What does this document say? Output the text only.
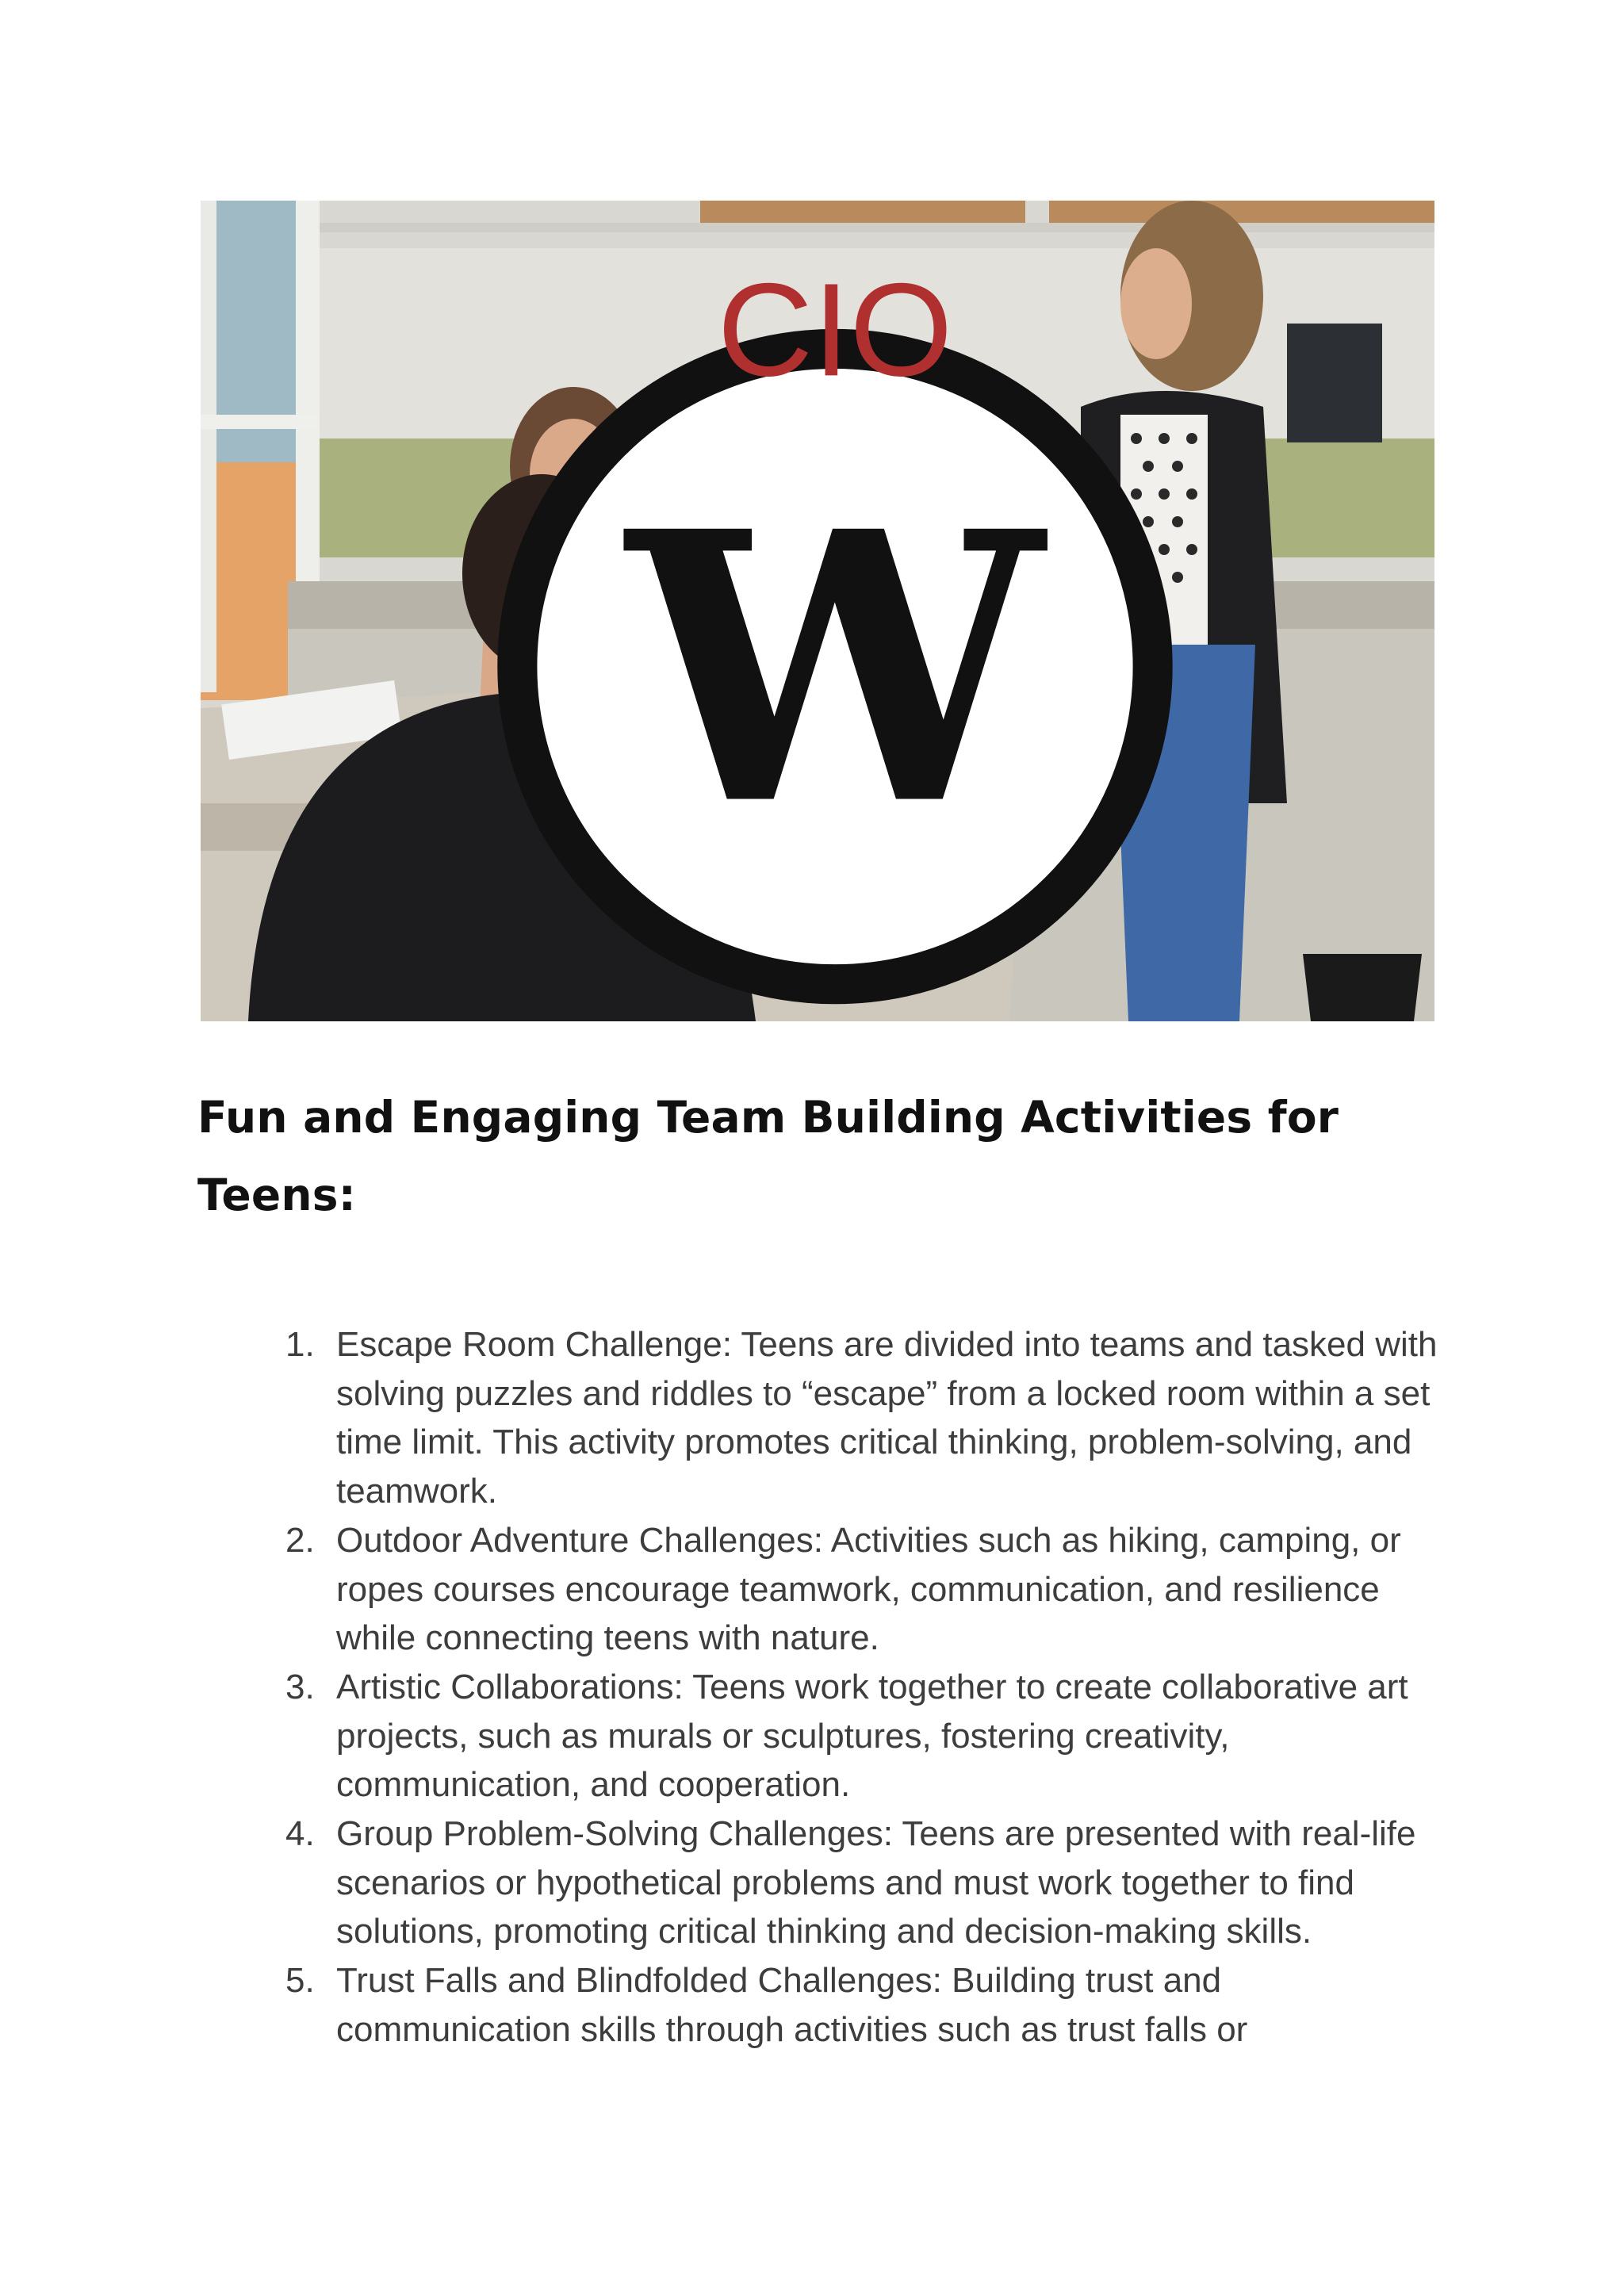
W
CIO
Fun and Engaging Team Building Activities for Teens:
1. Escape Room Challenge: Teens are divided into teams and tasked with solving puzzles and riddles to “escape” from a locked room within a set time limit. This activity promotes critical thinking, problem-solving, and teamwork.
2. Outdoor Adventure Challenges: Activities such as hiking, camping, or ropes courses encourage teamwork, communication, and resilience while connecting teens with nature.
3. Artistic Collaborations: Teens work together to create collaborative art projects, such as murals or sculptures, fostering creativity, communication, and cooperation.
4. Group Problem-Solving Challenges: Teens are presented with real-life scenarios or hypothetical problems and must work together to find solutions, promoting critical thinking and decision-making skills.
5. Trust Falls and Blindfolded Challenges: Building trust and communication skills through activities such as trust falls or
